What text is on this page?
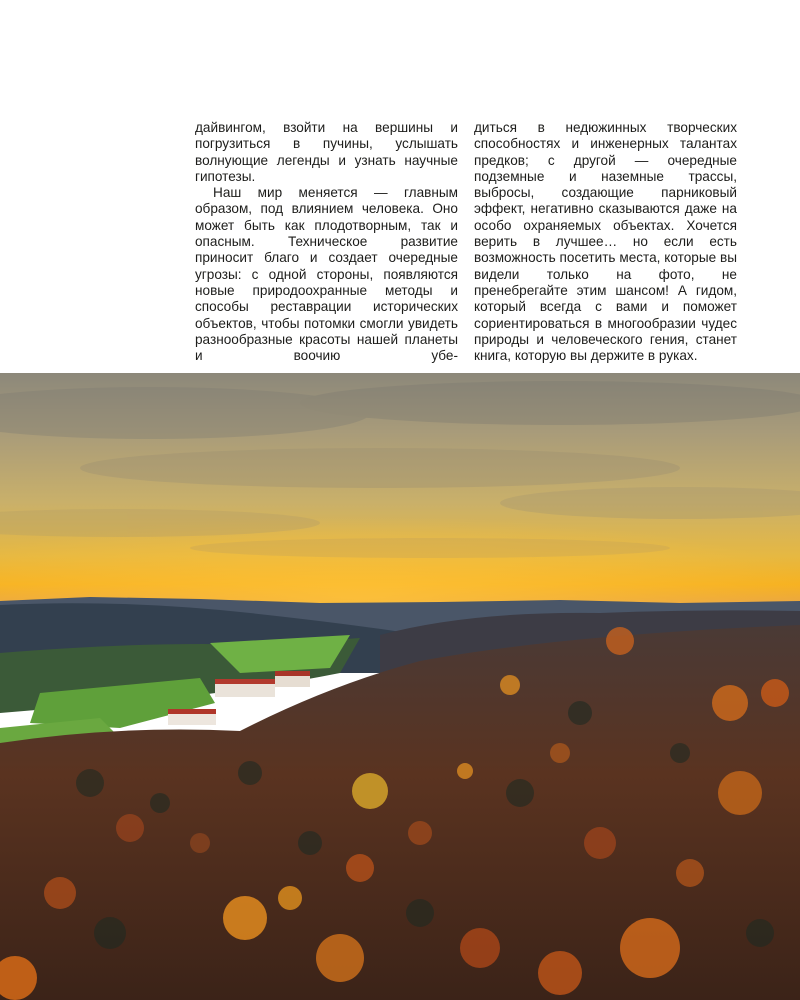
дайвингом, взойти на вершины и погрузиться в пучины, услышать волнующие легенды и узнать научные гипотезы.

Наш мир меняется — главным образом, под влиянием человека. Оно может быть как плодотворным, так и опасным. Техническое развитие приносит благо и создает очередные угрозы: с одной стороны, появляются новые природоохранные методы и способы реставрации исторических объектов, чтобы потомки смогли увидеть разнообразные красоты нашей планеты и воочию убе-

диться в недюжинных творческих способностях и инженерных талантах предков; с другой — очередные подземные и наземные трассы, выбросы, создающие парниковый эффект, негативно сказываются даже на особо охраняемых объектах. Хочется верить в лучшее… но если есть возможность посетить места, которые вы видели только на фото, не пренебрегайте этим шансом! А гидом, который всегда с вами и поможет сориентироваться в многообразии чудес природы и человеческого гения, станет книга, которую вы держите в руках.
